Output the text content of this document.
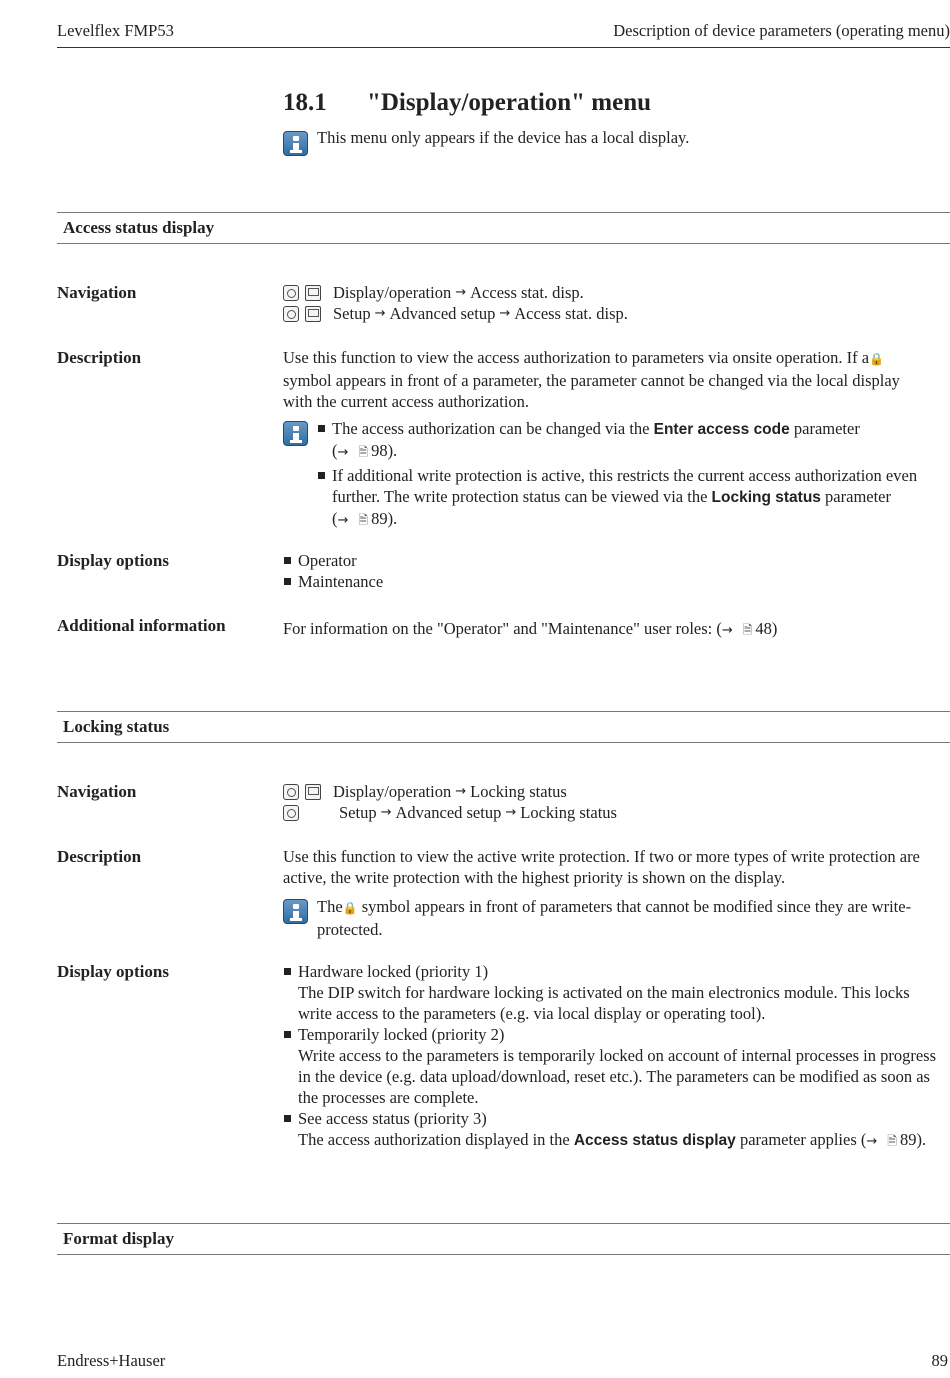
Levelflex FMP53	Description of device parameters (operating menu)
18.1 "Display/operation" menu
This menu only appears if the device has a local display.
Access status display
Navigation	Display/operation → Access stat. disp.
Setup → Advanced setup → Access stat. disp.
Description	Use this function to view the access authorization to parameters via onsite operation. If a🔒 symbol appears in front of a parameter, the parameter cannot be changed via the local display with the current access authorization.
The access authorization can be changed via the Enter access code parameter
(→ 🗎 98).
If additional write protection is active, this restricts the current access authorization even further. The write protection status can be viewed via the Locking status parameter
(→ 🗎 89).
Display options	Operator
Maintenance
Additional information	For information on the "Operator" and "Maintenance" user roles: (→ 🗎 48)
Locking status
Navigation	Display/operation → Locking status
Setup → Advanced setup → Locking status
Description	Use this function to view the active write protection. If two or more types of write protection are active, the write protection with the highest priority is shown on the display.
The🔒 symbol appears in front of parameters that cannot be modified since they are write-protected.
Display options	Hardware locked (priority 1)
The DIP switch for hardware locking is activated on the main electronics module. This locks write access to the parameters (e.g. via local display or operating tool).
Temporarily locked (priority 2)
Write access to the parameters is temporarily locked on account of internal processes in progress in the device (e.g. data upload/download, reset etc.). The parameters can be modified as soon as the processes are complete.
See access status (priority 3)
The access authorization displayed in the Access status display parameter applies (→ 🗎 89).
Format display
Endress+Hauser	89
